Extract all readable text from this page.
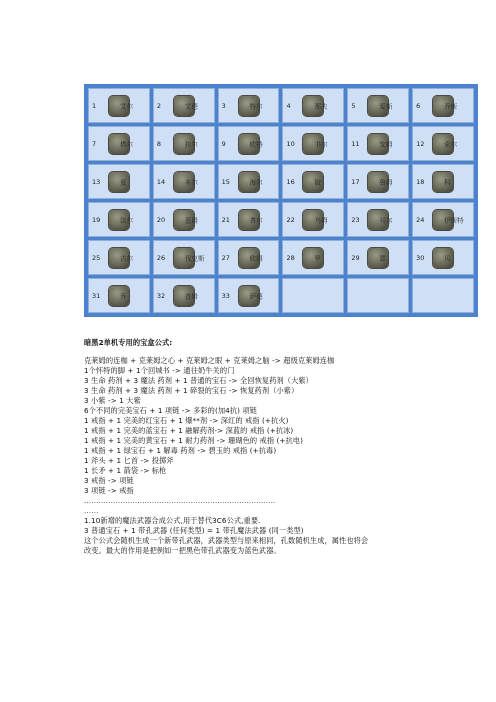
1	艾尔	2	艾德	3	特尔	4	那夫	5	爱斯	6	乔斯
7	塔尔	8	拉尔	9	欧特	10	书尔	11	安姆	12	索尔
13	夏	14	多尔	15	海尔	16	破	17	鲁姆	18	科
19	法尔	20	蓝姆	21	普尔	22	乌姆	23	马尔	24	伊斯特
25	古尔	26	伐克斯	27	欧姆	28	罗	29	瑟	30	贝
31	乔	32	查姆	33	萨德
暗黑2单机专用的宝盒公式:
克莱姆的连枷 + 克莱姆之心 + 克莱姆之眼 + 克莱姆之脑 -> 超级克莱姆连枷
1个怀特的脚 + 1个回城书 -> 通往奶牛关的门
3 生命 药剂 + 3 魔法 药剂 + 1 普通的宝石 -> 全回恢复药剂（大紫）
3 生命 药剂 + 3 魔法 药剂 + 1 碎裂的宝石 -> 恢复药剂（小紫）
3 小紫 -> 1 大紫
6个不同的完美宝石 + 1 项链 -> 多彩的(加4抗) 项链
1 戒指 + 1 完美的红宝石 + 1 爆**剂 -> 深红的 戒指 (+抗火)
1 戒指 + 1 完美的蓝宝石 + 1 融解药剂-> 深蓝的 戒指 (+抗冰)
1 戒指 + 1 完美的黄宝石 + 1 耐力药剂 -> 珊瑚色的 戒指 (+抗电)
1 戒指 + 1 绿宝石 + 1 解毒 药剂 -> 碧玉的 戒指 (+抗毒)
1 斧头 + 1 匕首 -> 投掷斧
1 长矛 + 1 箭袋 -> 标枪
3 戒指 -> 项链
3 项链 -> 戒指
...............................................................................
......
1.10新增的魔法武器合成公式,用于替代3C6公式,重要.
3 普通宝石 + 1 带孔武器 (任何类型) = 1 带孔魔法武器 (同一类型)
这个公式会随机生成一个新带孔武器，武器类型与原来相同，孔数随机生成，属性也将会
改变。最大的作用是把例如一把黑色带孔武器变为蓝色武器。
